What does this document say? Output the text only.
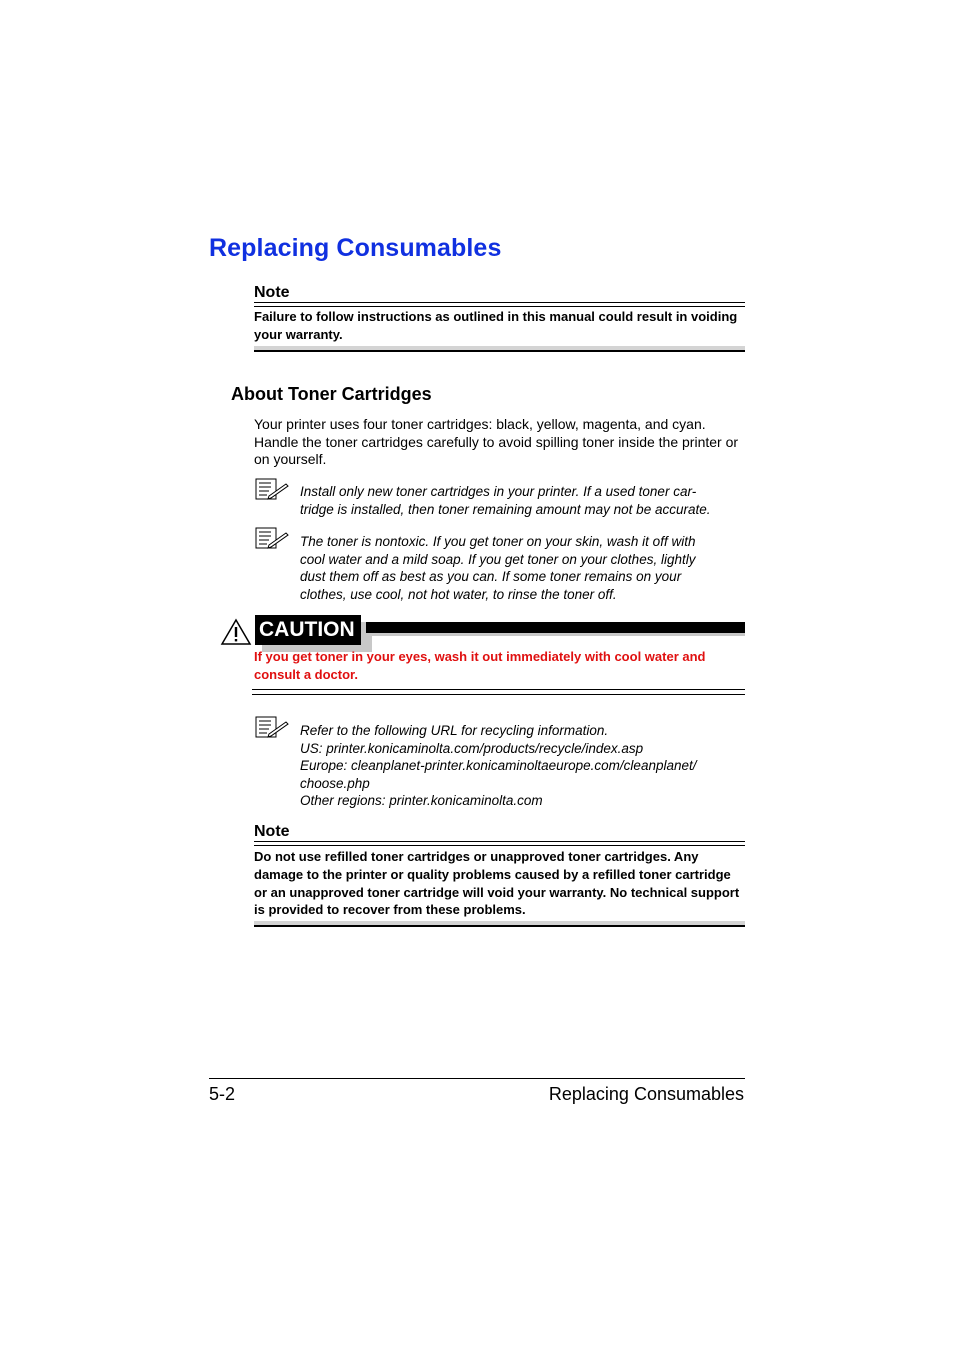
Replacing Consumables
Note
Failure to follow instructions as outlined in this manual could result in voiding your warranty.
About Toner Cartridges
Your printer uses four toner cartridges: black, yellow, magenta, and cyan. Handle the toner cartridges carefully to avoid spilling toner inside the printer or on yourself.
Install only new toner cartridges in your printer. If a used toner car-
tridge is installed, then toner remaining amount may not be accurate.
The toner is nontoxic. If you get toner on your skin, wash it off with
cool water and a mild soap. If you get toner on your clothes, lightly
dust them off as best as you can. If some toner remains on your
clothes, use cool, not hot water, to rinse the toner off.
CAUTION
If you get toner in your eyes, wash it out immediately with cool water and consult a doctor.
Refer to the following URL for recycling information.
US: printer.konicaminolta.com/products/recycle/index.asp
Europe: cleanplanet-printer.konicaminoltaeurope.com/cleanplanet/
choose.php
Other regions: printer.konicaminolta.com
Note
Do not use refilled toner cartridges or unapproved toner cartridges. Any damage to the printer or quality problems caused by a refilled toner cartridge or an unapproved toner cartridge will void your warranty. No technical support is provided to recover from these problems.
5-2	Replacing Consumables
